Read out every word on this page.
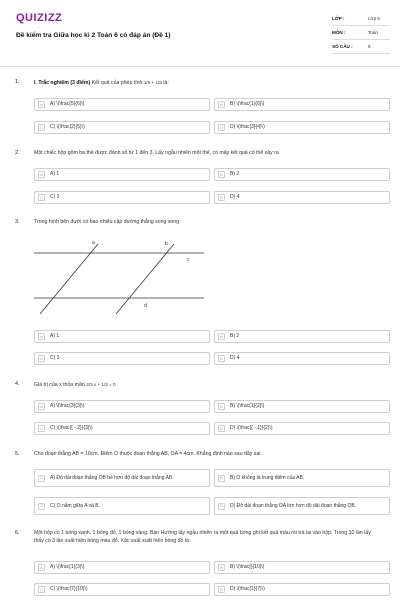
QUIZIZZ
Đề kiểm tra Giữa học kì 2 Toán 6 có đáp án (Đề 1)
LỚP :	Lớp 6
MÔN :	Toán
SỐ CÂU :	6
1.	I. Trắc nghiệm (3 điểm) Kết quả của phép tính 1/5 + 1/5 là:
A	A) \(\frac{5}{6}\)	B	B) \(\frac{1}{6}\)
C	C) \(\frac{2}{5}\)	D	D) \(\frac{3}{4}\)
2.	Một chiếc hộp gồm ba thẻ được đánh số từ 1 đến 3. Lấy ngẫu nhiên một thẻ, có mấy kết quả có thể xảy ra
A	A) 1	B	B) 2
C	C) 3	D	D) 4
3.	Trong hình bên dưới có bao nhiêu cặp đường thẳng song song
a	b
c
d
A	A) 1	B	B) 2
C	C) 3	D	D) 4
4.	Giá trị của x thỏa mãn 2/3 x + 1/2 = 0
A	A) \(\frac{3}{3}\)	B	B) \(\frac{1}{2}\)
C	C) \(\frac{{ - 2}}{3}\)	D	D) \(\frac{{ - 1}}{2}\)
5.	Cho đoạn thẳng AB = 10cm. Điểm O thuộc đoạn thẳng AB, OA = 4cm. Khẳng định nào sau đây sai.
A	A) Độ dài đoạn thẳng OB bé hơn độ dài đoạn thẳng AB.	B	B) O không là trung điểm của AB.
C	C) O nằm giữa A và B.	D	D) Độ dài đoạn thẳng OA lớn hơn độ dài đoạn thẳng OB.
6.	Một hộp có 1 bóng xanh, 1 bóng đỏ, 1 bóng vàng. Bạn Hường lấy ngẫu nhiên ra một quả bóng ghi kết quả màu rồi trả lại vào hộp. Trong 10 lần lấy thấy có 3 lần xuất hiện bóng màu đỏ. Xác suất xuất hiện bóng đỏ là:
A	A) \(\frac{1}{3}\)	B	B) \(\frac{}{10}\)
C	C) \(\frac{7}{10}\)	D	D) \(\frac{1}{7}\)
